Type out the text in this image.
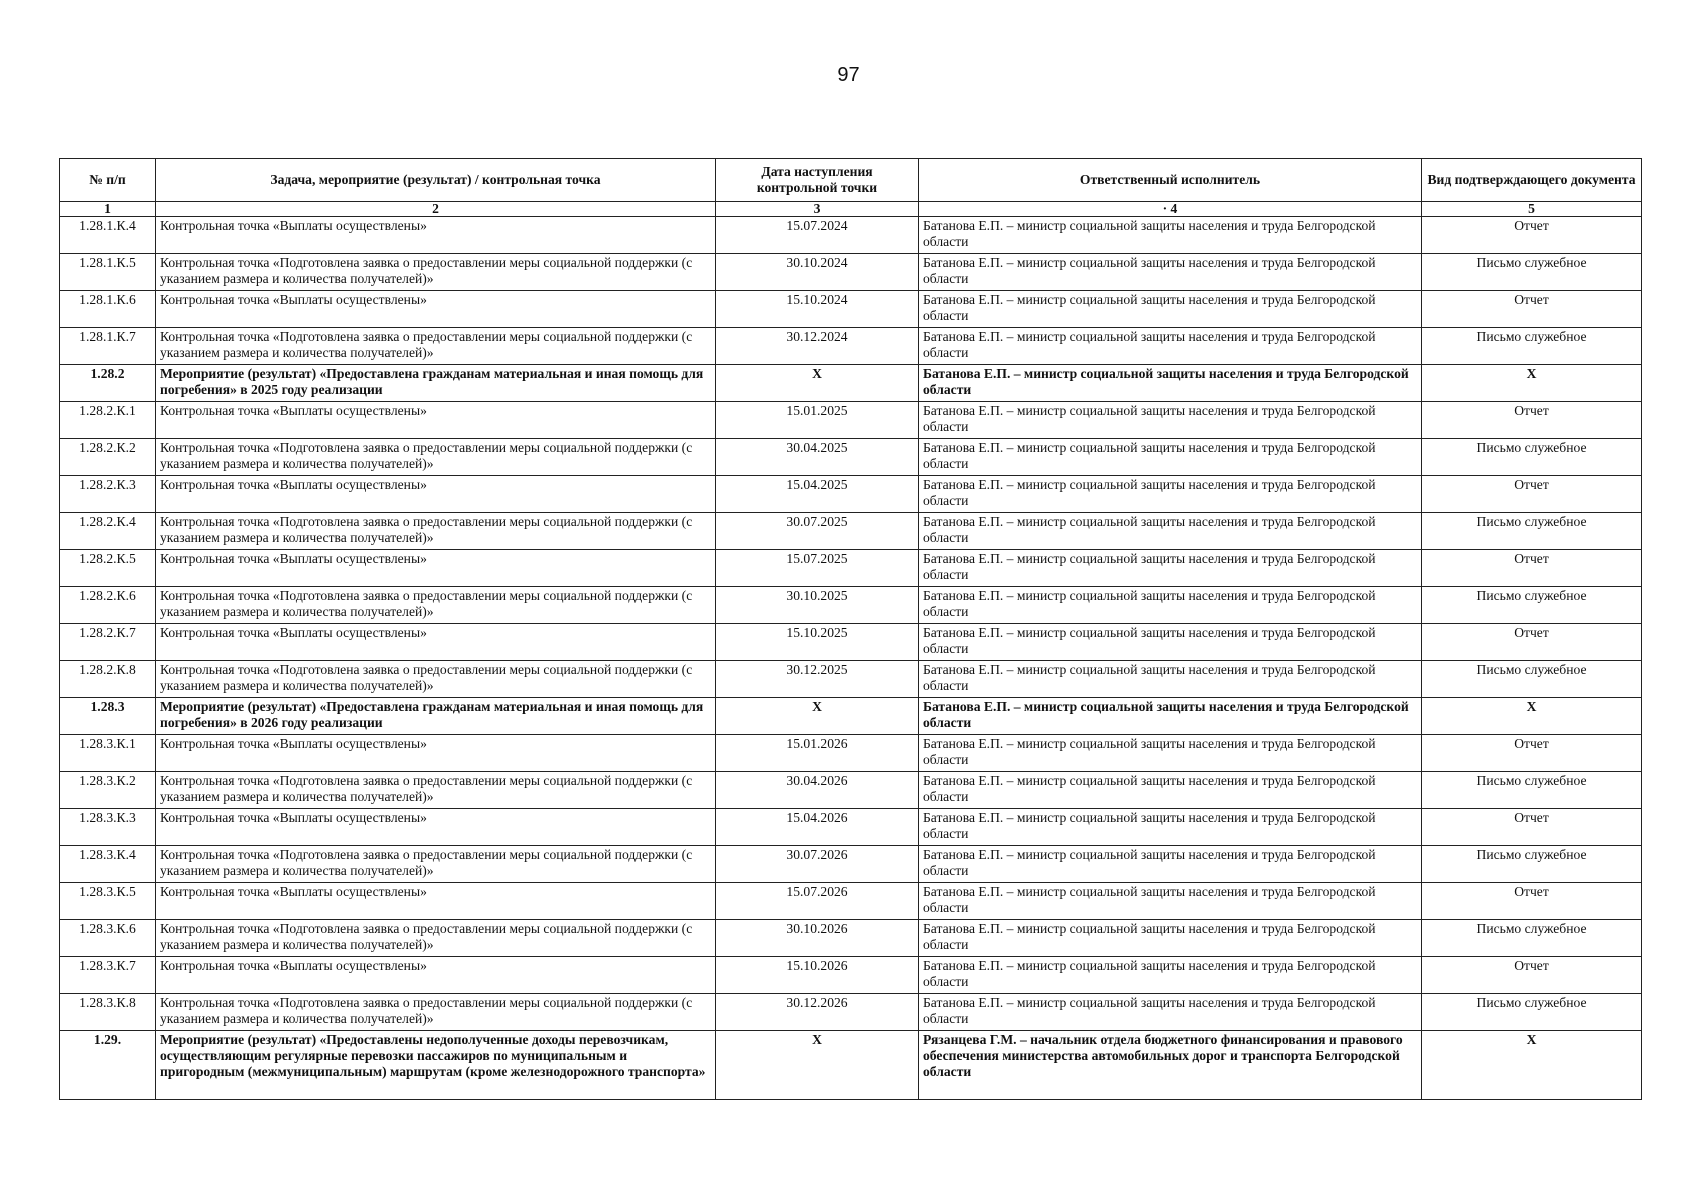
97
№ п/п	Задача, мероприятие (результат) / контрольная точка	Дата наступления контрольной точки	Ответственный исполнитель	Вид подтверждающего документа
1	2	3	· 4	5
1.28.1.К.4	Контрольная точка «Выплаты осуществлены»	15.07.2024	Батанова Е.П. – министр социальной защиты населения и труда Белгородской области	Отчет
1.28.1.К.5	Контрольная точка «Подготовлена заявка о предоставлении меры социальной поддержки (с указанием размера и количества получателей)»	30.10.2024	Батанова Е.П. – министр социальной защиты населения и труда Белгородской области	Письмо служебное
1.28.1.К.6	Контрольная точка «Выплаты осуществлены»	15.10.2024	Батанова Е.П. – министр социальной защиты населения и труда Белгородской области	Отчет
1.28.1.К.7	Контрольная точка «Подготовлена заявка о предоставлении меры социальной поддержки (с указанием размера и количества получателей)»	30.12.2024	Батанова Е.П. – министр социальной защиты населения и труда Белгородской области	Письмо служебное
1.28.2	Мероприятие (результат) «Предоставлена гражданам материальная и иная помощь для погребения» в 2025 году реализации	Х	Батанова Е.П. – министр социальной защиты населения и труда Белгородской области	Х
1.28.2.К.1	Контрольная точка «Выплаты осуществлены»	15.01.2025	Батанова Е.П. – министр социальной защиты населения и труда Белгородской области	Отчет
1.28.2.К.2	Контрольная точка «Подготовлена заявка о предоставлении меры социальной поддержки (с указанием размера и количества получателей)»	30.04.2025	Батанова Е.П. – министр социальной защиты населения и труда Белгородской области	Письмо служебное
1.28.2.К.3	Контрольная точка «Выплаты осуществлены»	15.04.2025	Батанова Е.П. – министр социальной защиты населения и труда Белгородской области	Отчет
1.28.2.К.4	Контрольная точка «Подготовлена заявка о предоставлении меры социальной поддержки (с указанием размера и количества получателей)»	30.07.2025	Батанова Е.П. – министр социальной защиты населения и труда Белгородской области	Письмо служебное
1.28.2.К.5	Контрольная точка «Выплаты осуществлены»	15.07.2025	Батанова Е.П. – министр социальной защиты населения и труда Белгородской области	Отчет
1.28.2.К.6	Контрольная точка «Подготовлена заявка о предоставлении меры социальной поддержки (с указанием размера и количества получателей)»	30.10.2025	Батанова Е.П. – министр социальной защиты населения и труда Белгородской области	Письмо служебное
1.28.2.К.7	Контрольная точка «Выплаты осуществлены»	15.10.2025	Батанова Е.П. – министр социальной защиты населения и труда Белгородской области	Отчет
1.28.2.К.8	Контрольная точка «Подготовлена заявка о предоставлении меры социальной поддержки (с указанием размера и количества получателей)»	30.12.2025	Батанова Е.П. – министр социальной защиты населения и труда Белгородской области	Письмо служебное
1.28.3	Мероприятие (результат) «Предоставлена гражданам материальная и иная помощь для погребения» в 2026 году реализации	Х	Батанова Е.П. – министр социальной защиты населения и труда Белгородской области	Х
1.28.3.К.1	Контрольная точка «Выплаты осуществлены»	15.01.2026	Батанова Е.П. – министр социальной защиты населения и труда Белгородской области	Отчет
1.28.3.К.2	Контрольная точка «Подготовлена заявка о предоставлении меры социальной поддержки (с указанием размера и количества получателей)»	30.04.2026	Батанова Е.П. – министр социальной защиты населения и труда Белгородской области	Письмо служебное
1.28.3.К.3	Контрольная точка «Выплаты осуществлены»	15.04.2026	Батанова Е.П. – министр социальной защиты населения и труда Белгородской области	Отчет
1.28.3.К.4	Контрольная точка «Подготовлена заявка о предоставлении меры социальной поддержки (с указанием размера и количества получателей)»	30.07.2026	Батанова Е.П. – министр социальной защиты населения и труда Белгородской области	Письмо служебное
1.28.3.К.5	Контрольная точка «Выплаты осуществлены»	15.07.2026	Батанова Е.П. – министр социальной защиты населения и труда Белгородской области	Отчет
1.28.3.К.6	Контрольная точка «Подготовлена заявка о предоставлении меры социальной поддержки (с указанием размера и количества получателей)»	30.10.2026	Батанова Е.П. – министр социальной защиты населения и труда Белгородской области	Письмо служебное
1.28.3.К.7	Контрольная точка «Выплаты осуществлены»	15.10.2026	Батанова Е.П. – министр социальной защиты населения и труда Белгородской области	Отчет
1.28.3.К.8	Контрольная точка «Подготовлена заявка о предоставлении меры социальной поддержки (с указанием размера и количества получателей)»	30.12.2026	Батанова Е.П. – министр социальной защиты населения и труда Белгородской области	Письмо служебное
1.29.	Мероприятие (результат) «Предоставлены недополученные доходы перевозчикам, осуществляющим регулярные перевозки пассажиров по муниципальным и пригородным (межмуниципальным) маршрутам (кроме железнодорожного транспорта»	Х	Рязанцева Г.М. – начальник отдела бюджетного финансирования и правового обеспечения министерства автомобильных дорог и транспорта Белгородской области	Х
